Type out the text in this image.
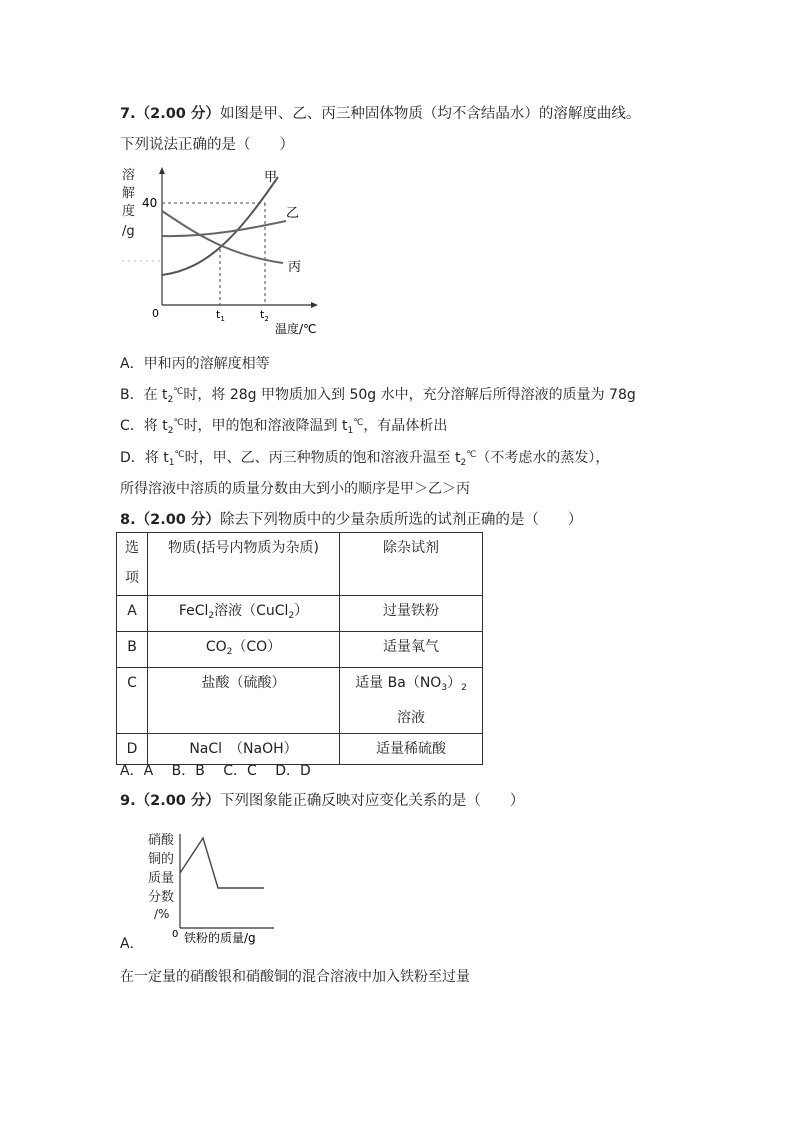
7.（2.00 分）如图是甲、乙、丙三种固体物质（均不含结晶水）的溶解度曲线。
下列说法正确的是（　　）
溶
解
度
/g
40
0
甲
乙
丙
$t_1$	$t_2$
温度/℃
A．甲和丙的溶解度相等
B．在 $t_2^℃$时，将 28g 甲物质加入到 50g 水中，充分溶解后所得溶液的质量为 78g
C．将 $t_2^℃$时，甲的饱和溶液降温到 $t_1^℃$，有晶体析出
D．将 $t_1^℃$时，甲、乙、丙三种物质的饱和溶液升温至 $t_2^℃$（不考虑水的蒸发），
所得溶液中溶质的质量分数由大到小的顺序是甲＞乙＞丙
8.（2.00 分）除去下列物质中的少量杂质所选的试剂正确的是（　　）
选
项	物质(括号内物质为杂质)	除杂试剂

A	FeCl$_2$溶液（CuCl$_2$）	过量铁粉

B	$CO_2(CO)$	适量氧气

C	盐酸（硫酸）	适量 $Ba(NO_3)_2$
溶液

D	NaCl　（NaOH）	适量稀硫酸
A．A　 B．B　 C．C　 D．D
9.（2.00 分）下列图象能正确反映对应变化关系的是（　　）
硝酸
铜的
质量
分数
/%
0 铁粉的质量/g
A．
在一定量的硝酸银和硝酸铜的混合溶液中加入铁粉至过量
